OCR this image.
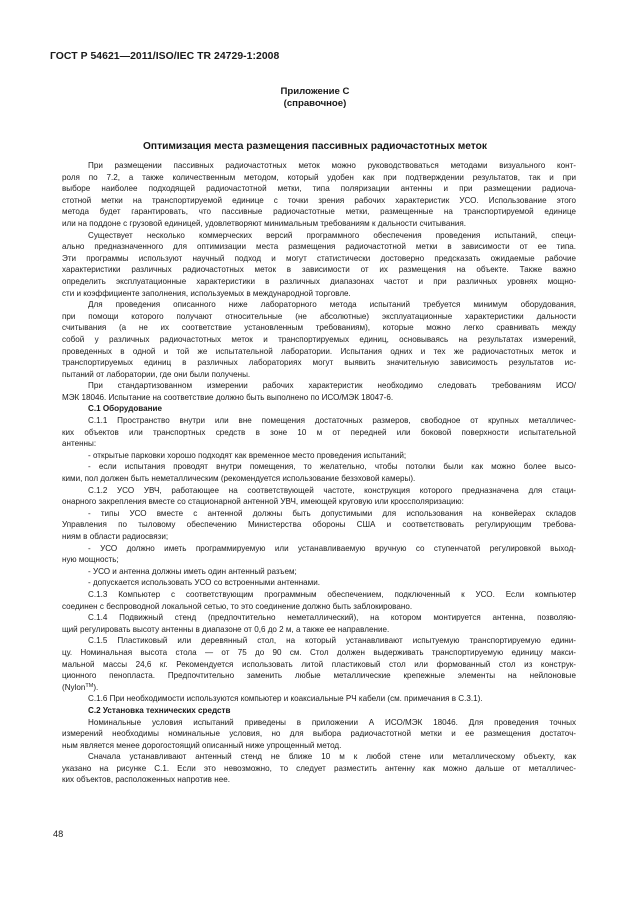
ГОСТ Р 54621—2011/ISO/IEC TR 24729-1:2008
Приложение С
(справочное)
Оптимизация места размещения пассивных радиочастотных меток
При размещении пассивных радиочастотных меток можно руководствоваться методами визуального конт-
роля по 7.2, а также количественным методом, который удобен как при подтверждении результатов, так и при
выборе наиболее подходящей радиочастотной метки, типа поляризации антенны и при размещении радиоча-
стотной метки на транспортируемой единице с точки зрения рабочих характеристик УСО. Использование этого
метода будет гарантировать, что пассивные радиочастотные метки, размещенные на транспортируемой единице
или на поддоне с грузовой единицей, удовлетворяют минимальным требованиям к дальности считывания.
Существует несколько коммерческих версий программного обеспечения проведения испытаний, специ-
ально предназначенного для оптимизации места размещения радиочастотной метки в зависимости от ее типа.
Эти программы используют научный подход и могут статистически достоверно предсказать ожидаемые рабочие
характеристики различных радиочастотных меток в зависимости от их размещения на объекте. Также важно
определить эксплуатационные характеристики в различных диапазонах частот и при различных уровнях мощно-
сти и коэффициенте заполнения, используемых в международной торговле.
Для проведения описанного ниже лабораторного метода испытаний требуется минимум оборудования,
при помощи которого получают относительные (не абсолютные) эксплуатационные характеристики дальности
считывания (а не их соответствие установленным требованиям), которые можно легко сравнивать между
собой у различных радиочастотных меток и транспортируемых единиц, основываясь на результатах измерений,
проведенных в одной и той же испытательной лаборатории. Испытания одних и тех же радиочастотных меток и
транспортируемых единиц в различных лабораториях могут выявить значительную зависимость результатов ис-
пытаний от лаборатории, где они были получены.
При стандартизованном измерении рабочих характеристик необходимо следовать требованиям ИСО/
МЭК 18046. Испытание на соответствие должно быть выполнено по ИСО/МЭК 18047-6.
С.1 Оборудование
С.1.1 Пространство внутри или вне помещения достаточных размеров, свободное от крупных металличес-
ких объектов или транспортных средств в зоне 10 м от передней или боковой поверхности испытательной
антенны:
- открытые парковки хорошо подходят как временное место проведения испытаний;
- если испытания проводят внутри помещения, то желательно, чтобы потолки были как можно более высо-
кими, пол должен быть неметаллическим (рекомендуется использование безэховой камеры).
С.1.2 УСО УВЧ, работающее на соответствующей частоте, конструкция которого предназначена для стаци-
онарного закрепления вместе со стационарной антенной УВЧ, имеющей круговую или кроссполяризацию:
- типы УСО вместе с антенной должны быть допустимыми для использования на конвейерах складов
Управления по тыловому обеспечению Министерства обороны США и соответствовать регулирующим требова-
ниям в области радиосвязи;
- УСО должно иметь программируемую или устанавливаемую вручную со ступенчатой регулировкой выход-
ную мощность;
- УСО и антенна должны иметь один антенный разъем;
- допускается использовать УСО со встроенными антеннами.
С.1.3 Компьютер с соответствующим программным обеспечением, подключенный к УСО. Если компьютер
соединен с беспроводной локальной сетью, то это соединение должно быть заблокировано.
С.1.4 Подвижный стенд (предпочтительно неметаллический), на котором монтируется антенна, позволяю-
щий регулировать высоту антенны в диапазоне от 0,6 до 2 м, а также ее направление.
С.1.5 Пластиковый или деревянный стол, на который устанавливают испытуемую транспортируемую едини-
цу. Номинальная высота стола — от 75 до 90 см. Стол должен выдерживать транспортируемую единицу макси-
мальной массы 24,6 кг. Рекомендуется использовать литой пластиковый стол или формованный стол из конструк-
ционного пенопласта. Предпочтительно заменить любые металлические крепежные элементы на нейлоновые
(Nylon™).
С.1.6 При необходимости используются компьютер и коаксиальные РЧ кабели (см. примечания в С.3.1).
С.2 Установка технических средств
Номинальные условия испытаний приведены в приложении А ИСО/МЭК 18046. Для проведения точных
измерений необходимы номинальные условия, но для выбора радиочастотной метки и ее размещения достаточ-
ным является менее дорогостоящий описанный ниже упрощенный метод.
Сначала устанавливают антенный стенд не ближе 10 м к любой стене или металлическому объекту, как
указано на рисунке С.1. Если это невозможно, то следует разместить антенну как можно дальше от металличес-
ких объектов, расположенных напротив нее.
48
